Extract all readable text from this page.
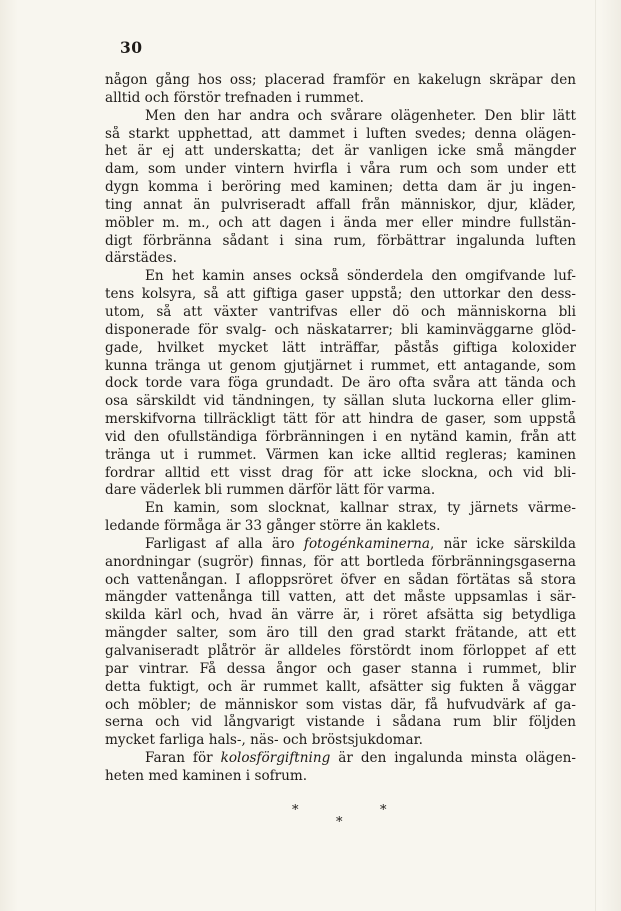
30
någon gång hos oss; placerad framför en kakelugn skräpar den
alltid och förstör trefnaden i rummet.
Men den har andra och svårare olägenheter. Den blir lätt
så starkt upphettad, att dammet i luften svedes; denna olägen-
het är ej att underskatta; det är vanligen icke små mängder
dam, som under vintern hvirfla i våra rum och som under ett
dygn komma i beröring med kaminen; detta dam är ju ingen-
ting annat än pulvriseradt affall från människor, djur, kläder,
möbler m. m., och att dagen i ända mer eller mindre fullstän-
digt förbränna sådant i sina rum, förbättrar ingalunda luften
därstädes.
En het kamin anses också sönderdela den omgifvande luf-
tens kolsyra, så att giftiga gaser uppstå; den uttorkar den dess-
utom, så att växter vantrifvas eller dö och människorna bli
disponerade för svalg- och näskatarrer; bli kaminväggarne glöd-
gade, hvilket mycket lätt inträffar, påstås giftiga koloxider
kunna tränga ut genom gjutjärnet i rummet, ett antagande, som
dock torde vara föga grundadt. De äro ofta svåra att tända och
osa särskildt vid tändningen, ty sällan sluta luckorna eller glim-
merskifvorna tillräckligt tätt för att hindra de gaser, som uppstå
vid den ofullständiga förbränningen i en nytänd kamin, från att
tränga ut i rummet. Värmen kan icke alltid regleras; kaminen
fordrar alltid ett visst drag för att icke slockna, och vid bli-
dare väderlek bli rummen därför lätt för varma.
En kamin, som slocknat, kallnar strax, ty järnets värme-
ledande förmåga är 33 gånger större än kaklets.
Farligast af alla äro fotogénkaminerna, när icke särskilda
anordningar (sugrör) finnas, för att bortleda förbränningsgaserna
och vattenångan. I afloppsröret öfver en sådan förtätas så stora
mängder vattenånga till vatten, att det måste uppsamlas i sär-
skilda kärl och, hvad än värre är, i röret afsätta sig betydliga
mängder salter, som äro till den grad starkt frätande, att ett
galvaniseradt plåtrör är alldeles förstördt inom förloppet af ett
par vintrar. Få dessa ångor och gaser stanna i rummet, blir
detta fuktigt, och är rummet kallt, afsätter sig fukten å väggar
och möbler; de människor som vistas där, få hufvudvärk af ga-
serna och vid långvarigt vistande i sådana rum blir följden
mycket farliga hals-, näs- och bröstsjukdomar.
Faran för kolosförgiftning är den ingalunda minsta olägen-
heten med kaminen i sofrum.
*	*
*
